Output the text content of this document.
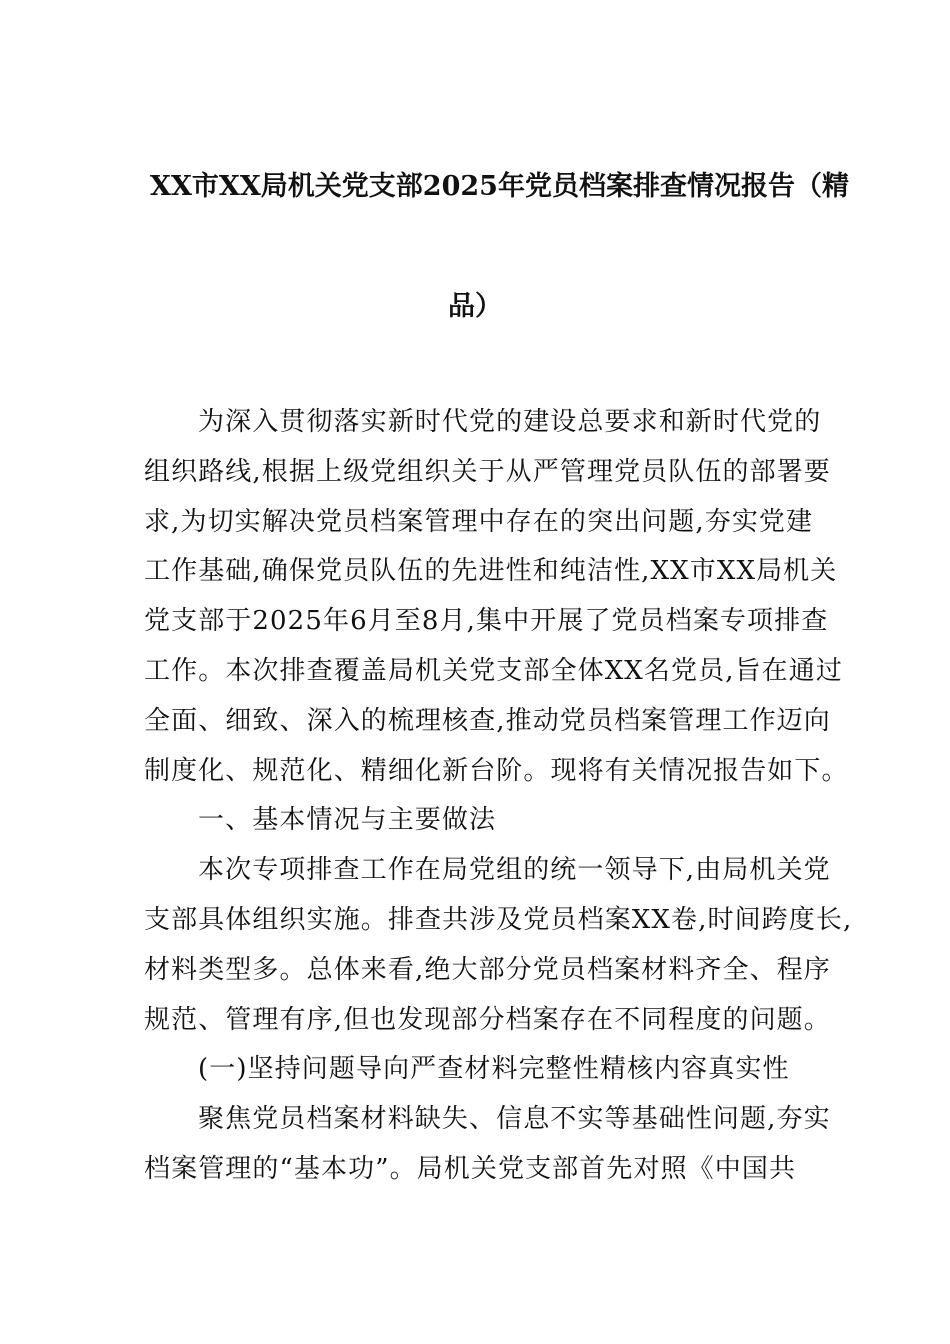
XX市XX局机关党支部2025年党员档案排查情况报告（精
品）
为深入贯彻落实新时代党的建设总要求和新时代党的
组织路线,根据上级党组织关于从严管理党员队伍的部署要
求,为切实解决党员档案管理中存在的突出问题,夯实党建
工作基础,确保党员队伍的先进性和纯洁性,XX市XX局机关
党支部于2025年6月至8月,集中开展了党员档案专项排查
工作。本次排查覆盖局机关党支部全体XX名党员,旨在通过
全面、细致、深入的梳理核查,推动党员档案管理工作迈向
制度化、规范化、精细化新台阶。现将有关情况报告如下。
一、基本情况与主要做法
本次专项排查工作在局党组的统一领导下,由局机关党
支部具体组织实施。排查共涉及党员档案XX卷,时间跨度长,
材料类型多。总体来看,绝大部分党员档案材料齐全、程序
规范、管理有序,但也发现部分档案存在不同程度的问题。
(一)坚持问题导向严查材料完整性精核内容真实性
聚焦党员档案材料缺失、信息不实等基础性问题,夯实
档案管理的“基本功”。局机关党支部首先对照《中国共
